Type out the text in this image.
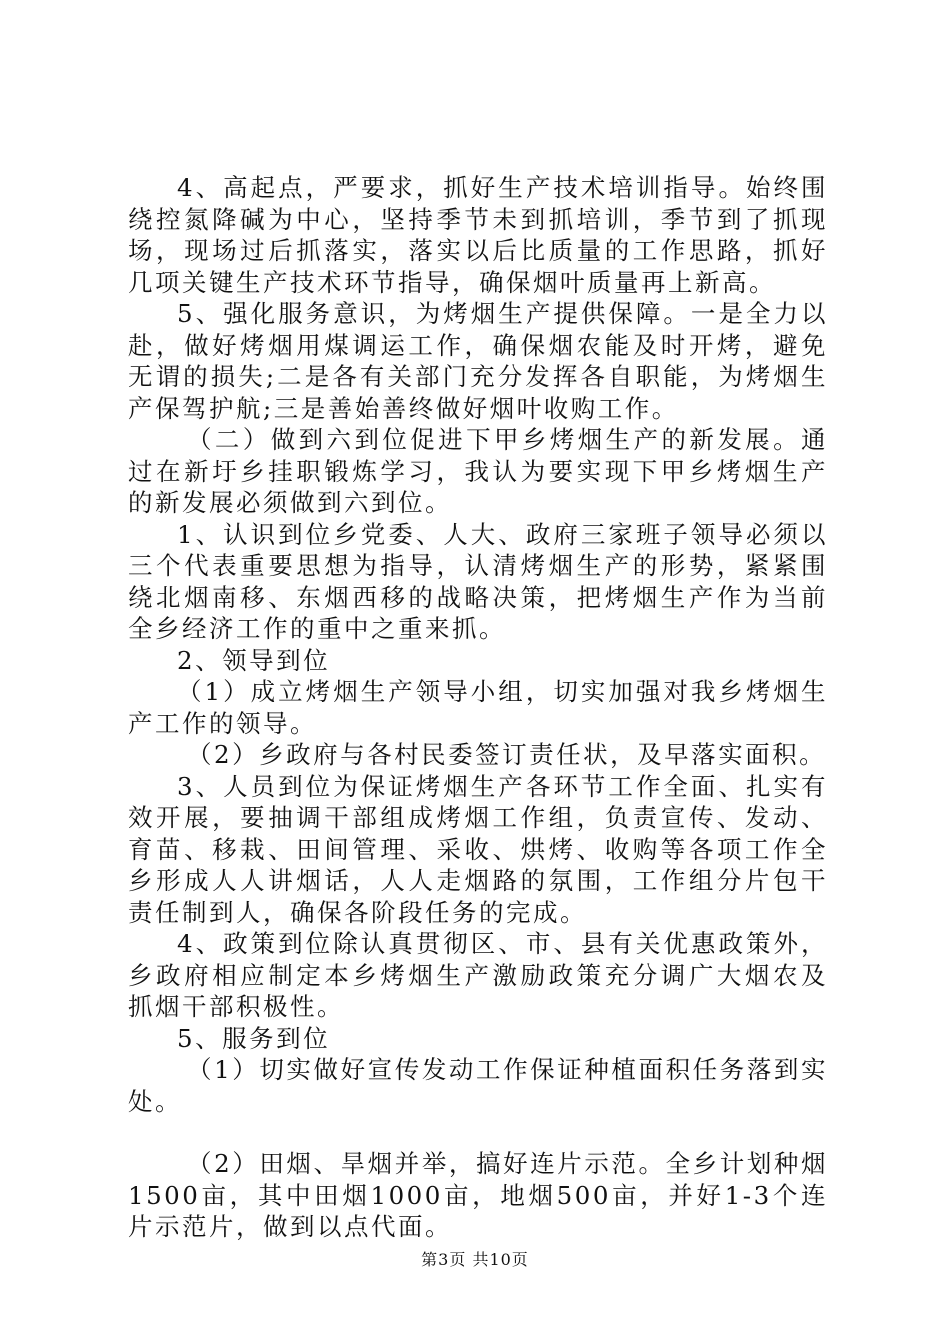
4、高起点，严要求，抓好生产技术培训指导。始终围绕控氮降碱为中心，坚持季节未到抓培训，季节到了抓现场，现场过后抓落实，落实以后比质量的工作思路，抓好几项关键生产技术环节指导，确保烟叶质量再上新高。

5、强化服务意识，为烤烟生产提供保障。一是全力以赴，做好烤烟用煤调运工作，确保烟农能及时开烤，避免无谓的损失;二是各有关部门充分发挥各自职能，为烤烟生产保驾护航;三是善始善终做好烟叶收购工作。

（二）做到六到位促进下甲乡烤烟生产的新发展。通过在新圩乡挂职锻炼学习，我认为要实现下甲乡烤烟生产的新发展必须做到六到位。

1、认识到位乡党委、人大、政府三家班子领导必须以三个代表重要思想为指导，认清烤烟生产的形势，紧紧围绕北烟南移、东烟西移的战略决策，把烤烟生产作为当前全乡经济工作的重中之重来抓。

2、领导到位

（1）成立烤烟生产领导小组，切实加强对我乡烤烟生产工作的领导。

（2）乡政府与各村民委签订责任状，及早落实面积。

3、人员到位为保证烤烟生产各环节工作全面、扎实有效开展，要抽调干部组成烤烟工作组，负责宣传、发动、育苗、移栽、田间管理、采收、烘烤、收购等各项工作全乡形成人人讲烟话，人人走烟路的氛围，工作组分片包干责任制到人，确保各阶段任务的完成。

4、政策到位除认真贯彻区、市、县有关优惠政策外，乡政府相应制定本乡烤烟生产激励政策充分调广大烟农及抓烟干部积极性。

5、服务到位

（1）切实做好宣传发动工作保证种植面积任务落到实处。

（2）田烟、旱烟并举，搞好连片示范。全乡计划种烟1500亩，其中田烟1000亩，地烟500亩，并好1-3个连片示范片，做到以点代面。

第3页 共10页
